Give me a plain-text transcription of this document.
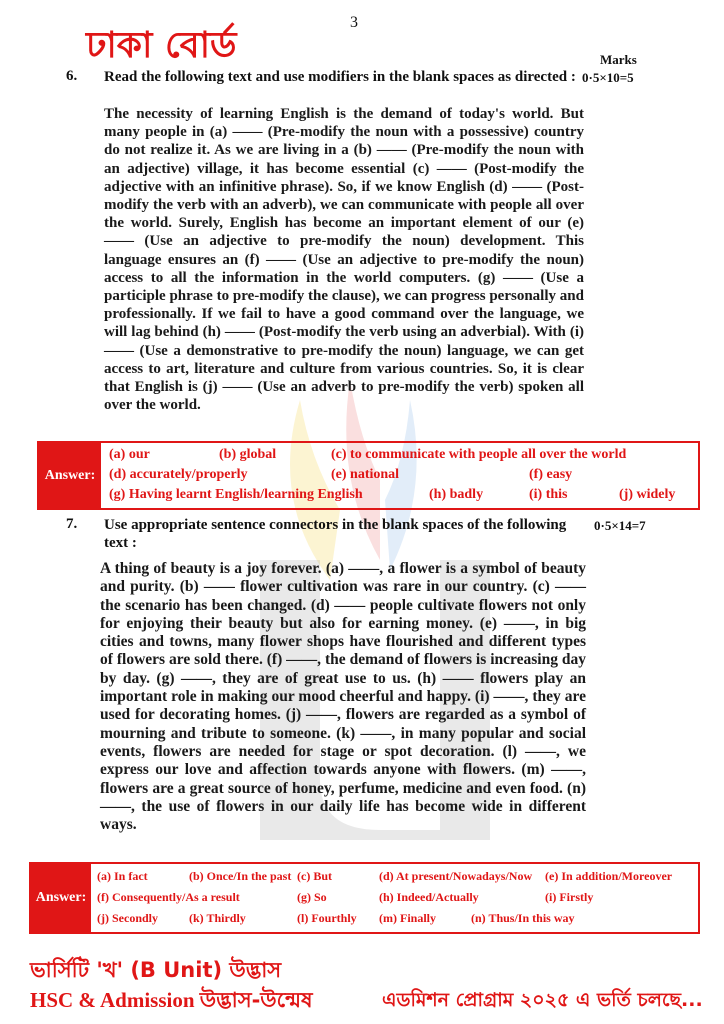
ঢাকা বোর্ড
3
Marks
6. Read the following text and use modifiers in the blank spaces as directed : 0·5×10=5

The necessity of learning English is the demand of today's world. But many people in (a) —— (Pre-modify the noun with a possessive) country do not realize it. As we are living in a (b) —— (Pre-modify the noun with an adjective) village, it has become essential (c) —— (Post-modify the adjective with an infinitive phrase). So, if we know English (d) —— (Post-modify the verb with an adverb), we can communicate with people all over the world. Surely, English has become an important element of our (e) —— (Use an adjective to pre-modify the noun) development. This language ensures an (f) —— (Use an adjective to pre-modify the noun) access to all the information in the world computers. (g) —— (Use a participle phrase to pre-modify the clause), we can progress personally and professionally. If we fail to have a good command over the language, we will lag behind (h) —— (Post-modify the verb using an adverbial). With (i) —— (Use a demonstrative to pre-modify the noun) language, we can get access to art, literature and culture from various countries. So, it is clear that English is (j) —— (Use an adverb to pre-modify the verb) spoken all over the world.

Answer:
(a) our	(b) global	(c) to communicate with people all over the world
(d) accurately/properly	(e) national	(f) easy
(g) Having learnt English/learning English	(h) badly	(i) this	(j) widely
7. Use appropriate sentence connectors in the blank spaces of the following text :
0·5×14=7

A thing of beauty is a joy forever. (a) ——, a flower is a symbol of beauty and purity. (b) —— flower cultivation was rare in our country. (c) —— the scenario has been changed. (d) —— people cultivate flowers not only for enjoying their beauty but also for earning money. (e) ——, in big cities and towns, many flower shops have flourished and different types of flowers are sold there. (f) ——, the demand of flowers is increasing day by day. (g) ——, they are of great use to us. (h) —— flowers play an important role in making our mood cheerful and happy. (i) ——, they are used for decorating homes. (j) ——, flowers are regarded as a symbol of mourning and tribute to someone. (k) ——, in many popular and social events, flowers are needed for stage or spot decoration. (l) ——, we express our love and affection towards anyone with flowers. (m) ——, flowers are a great source of honey, perfume, medicine and even food. (n) ——, the use of flowers in our daily life has become wide in different ways.

Answer:
(a) In fact	(b) Once/In the past (c) But	(d) At present/Nowadays/Now (e) In addition/Moreover
(f) Consequently/As a result	(g) So	(h) Indeed/Actually	(i) Firstly
(j) Secondly	(k) Thirdly	(l) Fourthly (m) Finally	(n) Thus/In this way
ভার্সিটি 'খ' (B Unit) উদ্ভাস
HSC & Admission উদ্ভাস-উন্মেষ	এডমিশন প্রোগ্রাম ২০২৫ এ ভর্তি চলছে...
